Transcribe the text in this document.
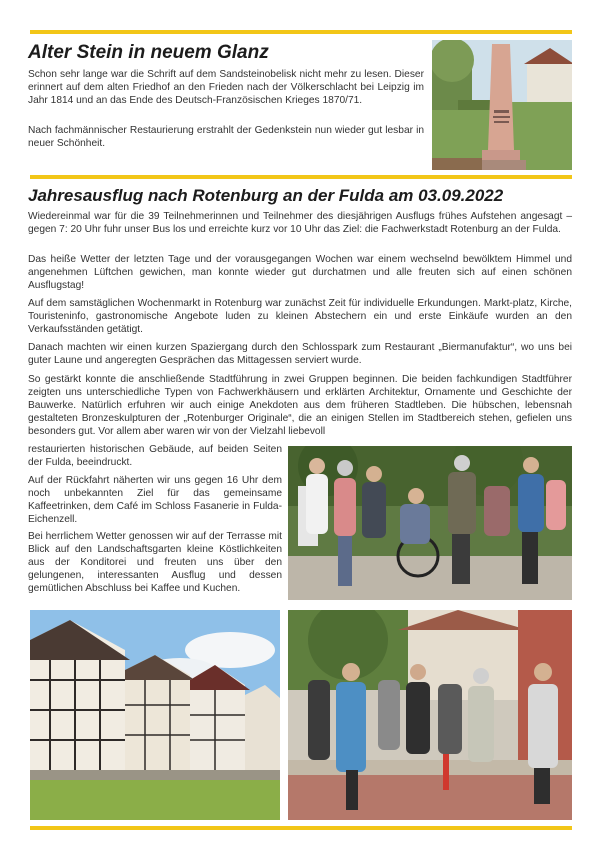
Alter Stein in neuem Glanz

Schon sehr lange war die Schrift auf dem Sandsteinobelisk nicht mehr zu lesen. Dieser erinnert auf dem alten Friedhof an den Frieden nach der Völkerschlacht bei Leipzig im Jahr 1814 und an das Ende des Deutsch-Französischen Krieges 1870/71.

Nach fachmännischer Restaurierung erstrahlt der Gedenkstein nun wieder gut lesbar in neuer Schönheit.

Jahresausflug nach Rotenburg an der Fulda am 03.09.2022

Wiedereinmal war für die 39 Teilnehmerinnen und Teilnehmer des diesjährigen Ausflugs frühes Aufstehen angesagt – gegen 7: 20 Uhr fuhr unser Bus los und erreichte kurz vor 10 Uhr das Ziel: die Fachwerkstadt Rotenburg an der Fulda.

Das heiße Wetter der letzten Tage und der vorausgegangen Wochen war einem wechselnd bewölktem Himmel und angenehmen Lüftchen gewichen, man konnte wieder gut durchatmen und alle freuten sich auf einen schönen Ausflugstag!

Auf dem samstäglichen Wochenmarkt in Rotenburg war zunächst Zeit für individuelle Erkundungen. Markt-platz, Kirche, Touristeninfo, gastronomische Angebote luden zu kleinen Abstechern ein und erste Einkäufe wurden an den Verkaufsständen getätigt.

Danach machten wir einen kurzen Spaziergang durch den Schlosspark zum Restaurant „Biermanufaktur“, wo uns bei guter Laune und angeregten Gesprächen das Mittagessen serviert wurde.

So gestärkt konnte die anschließende Stadtführung in zwei Gruppen beginnen. Die beiden fachkundigen Stadtführer zeigten uns unterschiedliche Typen von Fachwerkhäusern und erklärten Architektur, Ornamente und Geschichte der Bauwerke. Natürlich erfuhren wir auch einige Anekdoten aus dem früheren Stadtleben. Die hübschen, lebensnah gestalteten Bronzeskulpturen der „Rotenburger Originale“, die an einigen Stellen im Stadtbereich stehen, gefielen uns besonders gut. Vor allem aber waren wir von der Vielzahl liebevoll

restaurierten historischen Gebäude, auf beiden Seiten der Fulda, beeindruckt.

Auf der Rückfahrt näherten wir uns gegen 16 Uhr dem noch unbekannten Ziel für das gemeinsame Kaffeetrinken, dem Café im Schloss Fasanerie in Fulda-Eichenzell.

Bei herrlichem Wetter genossen wir auf der Terrasse mit Blick auf den Landschaftsgarten kleine Köstlichkeiten aus der Konditorei und freuten uns über den gelungenen, interessanten Ausflug und dessen gemütlichen Abschluss bei Kaffee und Kuchen.
